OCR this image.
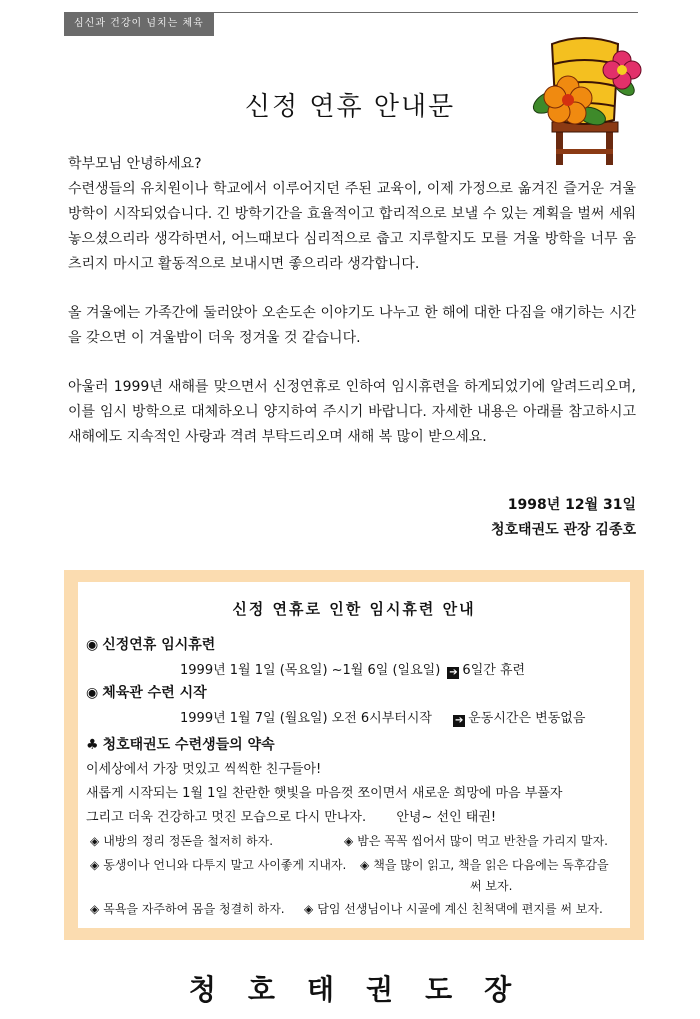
심신과 건강이 넘치는 체육관
신정 연휴 안내문

학부모님 안녕하세요?

수련생들의 유치원이나 학교에서 이루어지던 주된 교육이, 이제 가정으로 옮겨진 즐거운 겨울방학이 시작되었습니다. 긴 방학기간을 효율적이고 합리적으로 보낼 수 있는 계획을 벌써 세워놓으셨으리라 생각하면서, 어느때보다 심리적으로 춥고 지루할지도 모를 겨울 방학을 너무 움츠리지 마시고 활동적으로 보내시면 좋으리라 생각합니다.

올 겨울에는 가족간에 둘러앉아 오손도손 이야기도 나누고 한 해에 대한 다짐을 얘기하는 시간을 갖으면 이 겨울밤이 더욱 정겨울 것 같습니다.

아울러 1999년 새해를 맞으면서 신정연휴로 인하여 임시휴련을 하게되었기에 알려드리오며, 이를 임시 방학으로 대체하오니 양지하여 주시기 바랍니다. 자세한 내용은 아래를 참고하시고 새해에도 지속적인 사랑과 격려 부탁드리오며 새해 복 많이 받으세요.

1998년 12월 31일
청호태권도 관장 김종호
신정 연휴로 인한 임시휴련 안내
◉ 신정연휴 임시휴련
1999년 1월 1일 (목요일) ~1월 6일 (일요일) ➔ 6일간 휴련
◉ 체육관 수련 시작
1999년 1월 7일 (월요일) 오전 6시부터시작 ➔ 운동시간은 변동없음
♣ 청호태권도 수련생들의 약속
이세상에서 가장 멋있고 씩씩한 친구들아!
새롭게 시작되는 1월 1일 찬란한 햇빛을 마음껏 쪼이면서 새로운 희망에 마음 부풀자
그리고 더욱 건강하고 멋진 모습으로 다시 만나자. 안녕~ 선인 태권!
◈ 내방의 정리 정돈을 철저히 하자.	◈ 밤은 꼭꼭 씹어서 많이 먹고 반찬을 가리지 말자.
◈ 동생이나 언니와 다투지 말고 사이좋게 지내자. ◈ 책을 많이 읽고, 책을 읽은 다음에는 독후감을
써 보자.
◈ 목욕을 자주하여 몸을 청결히 하자. ◈ 담임 선생님이나 시골에 계신 친척댁에 편지를 써 보자.
청 호 태 권 도 장
